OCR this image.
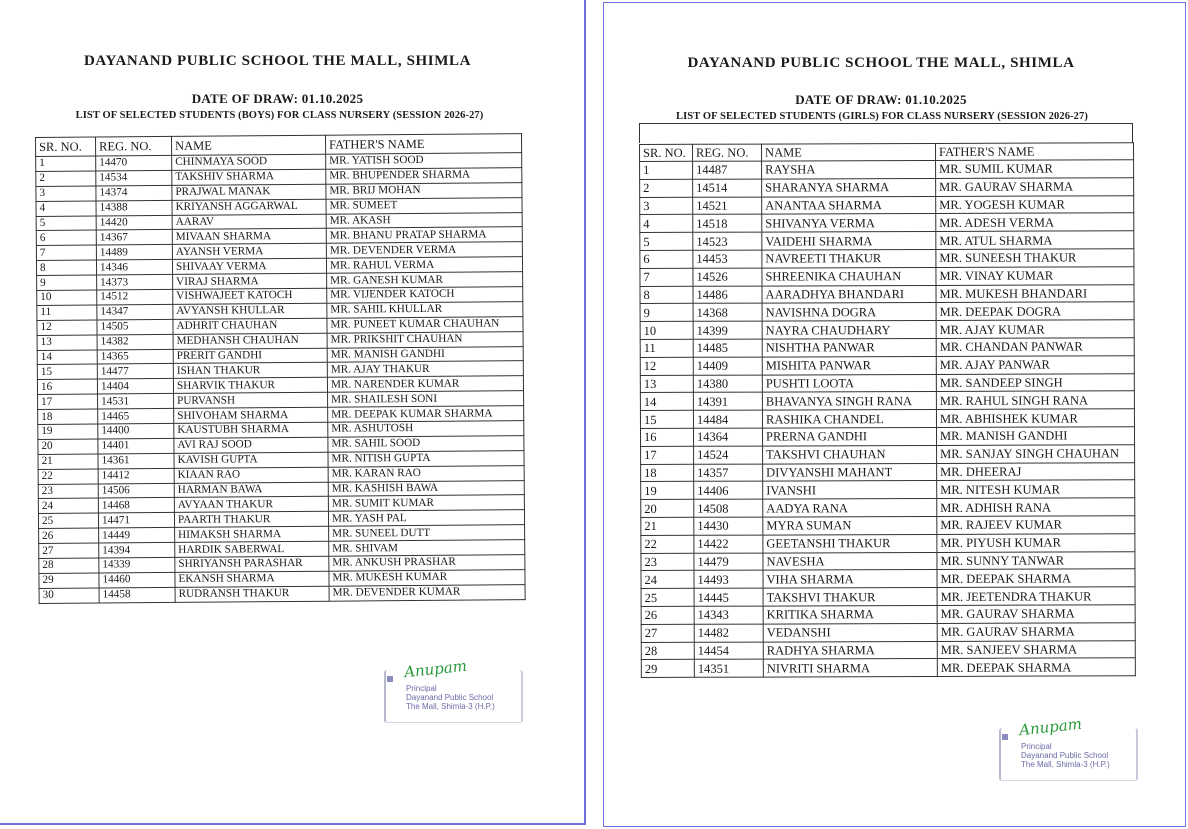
DAYANAND PUBLIC SCHOOL THE MALL, SHIMLA
DATE OF DRAW: 01.10.2025
LIST OF SELECTED STUDENTS (BOYS) FOR CLASS NURSERY (SESSION 2026-27)
SR. NO.	REG. NO.	NAME	FATHER'S NAME
1	14470	CHINMAYA SOOD	MR. YATISH SOOD
2	14534	TAKSHIV SHARMA	MR. BHUPENDER SHARMA
3	14374	PRAJWAL MANAK	MR. BRIJ MOHAN
4	14388	KRIYANSH AGGARWAL	MR. SUMEET
5	14420	AARAV	MR. AKASH
6	14367	MIVAAN SHARMA	MR. BHANU PRATAP SHARMA
7	14489	AYANSH VERMA	MR. DEVENDER VERMA
8	14346	SHIVAAY VERMA	MR. RAHUL VERMA
9	14373	VIRAJ SHARMA	MR. GANESH KUMAR
10	14512	VISHWAJEET KATOCH	MR. VIJENDER KATOCH
11	14347	AVYANSH KHULLAR	MR. SAHIL KHULLAR
12	14505	ADHRIT CHAUHAN	MR. PUNEET KUMAR CHAUHAN
13	14382	MEDHANSH CHAUHAN	MR. PRIKSHIT CHAUHAN
14	14365	PRERIT GANDHI	MR. MANISH GANDHI
15	14477	ISHAN THAKUR	MR. AJAY THAKUR
16	14404	SHARVIK THAKUR	MR. NARENDER KUMAR
17	14531	PURVANSH	MR. SHAILESH SONI
18	14465	SHIVOHAM SHARMA	MR. DEEPAK KUMAR SHARMA
19	14400	KAUSTUBH SHARMA	MR. ASHUTOSH
20	14401	AVI RAJ SOOD	MR. SAHIL SOOD
21	14361	KAVISH GUPTA	MR. NITISH GUPTA
22	14412	KIAAN RAO	MR. KARAN RAO
23	14506	HARMAN BAWA	MR. KASHISH BAWA
24	14468	AVYAAN THAKUR	MR. SUMIT KUMAR
25	14471	PAARTH THAKUR	MR. YASH PAL
26	14449	HIMAKSH SHARMA	MR. SUNEEL DUTT
27	14394	HARDIK SABERWAL	MR. SHIVAM
28	14339	SHRIYANSH PARASHAR	MR. ANKUSH PRASHAR
29	14460	EKANSH SHARMA	MR. MUKESH KUMAR
30	14458	RUDRANSH THAKUR	MR. DEVENDER KUMAR
Anupam
Principal
Dayanand Public School
The Mall, Shimla-3 (H.P.)
DAYANAND PUBLIC SCHOOL THE MALL, SHIMLA
DATE OF DRAW: 01.10.2025
LIST OF SELECTED STUDENTS (GIRLS) FOR CLASS NURSERY (SESSION 2026-27)
SR. NO.	REG. NO.	NAME	FATHER'S NAME
1	14487	RAYSHA	MR. SUMIL KUMAR
2	14514	SHARANYA SHARMA	MR. GAURAV SHARMA
3	14521	ANANTAA SHARMA	MR. YOGESH KUMAR
4	14518	SHIVANYA VERMA	MR. ADESH VERMA
5	14523	VAIDEHI SHARMA	MR. ATUL SHARMA
6	14453	NAVREETI THAKUR	MR. SUNEESH THAKUR
7	14526	SHREENIKA CHAUHAN	MR. VINAY KUMAR
8	14486	AARADHYA BHANDARI	MR. MUKESH BHANDARI
9	14368	NAVISHNA DOGRA	MR. DEEPAK DOGRA
10	14399	NAYRA CHAUDHARY	MR. AJAY KUMAR
11	14485	NISHTHA PANWAR	MR. CHANDAN PANWAR
12	14409	MISHITA PANWAR	MR. AJAY PANWAR
13	14380	PUSHTI LOOTA	MR. SANDEEP SINGH
14	14391	BHAVANYA SINGH RANA	MR. RAHUL SINGH RANA
15	14484	RASHIKA CHANDEL	MR. ABHISHEK KUMAR
16	14364	PRERNA GANDHI	MR. MANISH GANDHI
17	14524	TAKSHVI CHAUHAN	MR. SANJAY SINGH CHAUHAN
18	14357	DIVYANSHI MAHANT	MR. DHEERAJ
19	14406	IVANSHI	MR. NITESH KUMAR
20	14508	AADYA RANA	MR. ADHISH RANA
21	14430	MYRA SUMAN	MR. RAJEEV KUMAR
22	14422	GEETANSHI THAKUR	MR. PIYUSH KUMAR
23	14479	NAVESHA	MR. SUNNY TANWAR
24	14493	VIHA SHARMA	MR. DEEPAK SHARMA
25	14445	TAKSHVI THAKUR	MR. JEETENDRA THAKUR
26	14343	KRITIKA SHARMA	MR. GAURAV SHARMA
27	14482	VEDANSHI	MR. GAURAV SHARMA
28	14454	RADHYA SHARMA	MR. SANJEEV SHARMA
29	14351	NIVRITI SHARMA	MR. DEEPAK SHARMA
Anupam
Principal
Dayanand Public School
The Mall, Shimla-3 (H.P.)
